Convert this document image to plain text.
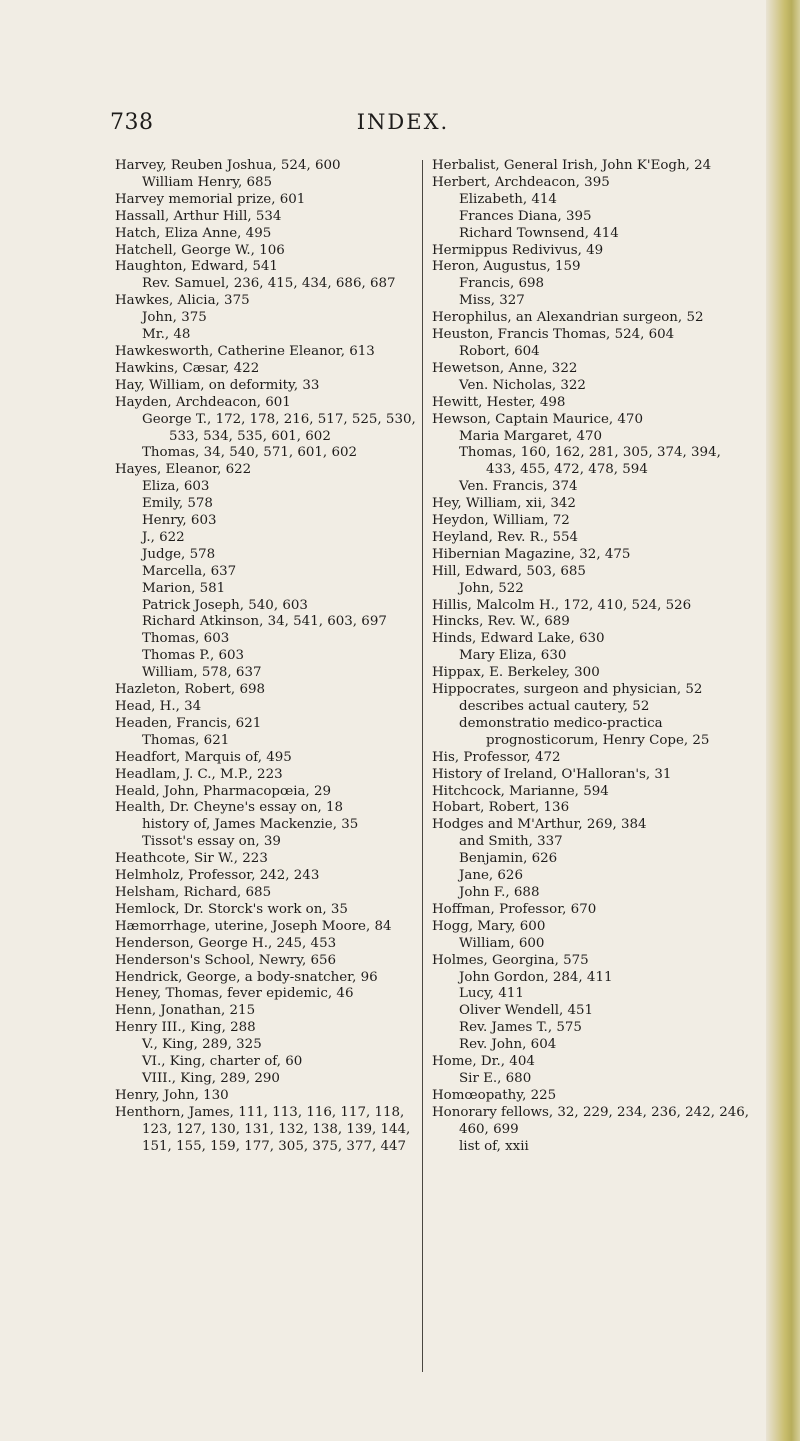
INDEX.
738
Harvey, Reuben Joshua, 524, 600
William Henry, 685
Harvey memorial prize, 601
Hassall, Arthur Hill, 534
Hatch, Eliza Anne, 495
Hatchell, George W., 106
Haughton, Edward, 541
Rev. Samuel, 236, 415, 434, 686, 687
Hawkes, Alicia, 375
John, 375
Mr., 48
Hawkesworth, Catherine Eleanor, 613
Hawkins, Cæsar, 422
Hay, William, on deformity, 33
Hayden, Archdeacon, 601
George T., 172, 178, 216, 517, 525, 530, 533, 534, 535, 601, 602
Thomas, 34, 540, 571, 601, 602
Hayes, Eleanor, 622
Eliza, 603
Emily, 578
Henry, 603
J., 622
Judge, 578
Marcella, 637
Marion, 581
Patrick Joseph, 540, 603
Richard Atkinson, 34, 541, 603, 697
Thomas, 603
Thomas P., 603
William, 578, 637
Hazleton, Robert, 698
Head, H., 34
Headen, Francis, 621
Thomas, 621
Headfort, Marquis of, 495
Headlam, J. C., M.P., 223
Heald, John, Pharmacopœia, 29
Health, Dr. Cheyne's essay on, 18
history of, James Mackenzie, 35
Tissot's essay on, 39
Heathcote, Sir W., 223
Helmholz, Professor, 242, 243
Helsham, Richard, 685
Hemlock, Dr. Storck's work on, 35
Hæmorrhage, uterine, Joseph Moore, 84
Henderson, George H., 245, 453
Henderson's School, Newry, 656
Hendrick, George, a body-snatcher, 96
Heney, Thomas, fever epidemic, 46
Henn, Jonathan, 215
Henry III., King, 288
V., King, 289, 325
VI., King, charter of, 60
VIII., King, 289, 290
Henry, John, 130
Henthorn, James, 111, 113, 116, 117, 118, 123, 127, 130, 131, 132, 138, 139, 144, 151, 155, 159, 177, 305, 375, 377, 447
Herbalist, General Irish, John K'Eogh, 24
Herbert, Archdeacon, 395
Elizabeth, 414
Frances Diana, 395
Richard Townsend, 414
Hermippus Redivivus, 49
Heron, Augustus, 159
Francis, 698
Miss, 327
Herophilus, an Alexandrian surgeon, 52
Heuston, Francis Thomas, 524, 604
Robort, 604
Hewetson, Anne, 322
Ven. Nicholas, 322
Hewitt, Hester, 498
Hewson, Captain Maurice, 470
Maria Margaret, 470
Thomas, 160, 162, 281, 305, 374, 394, 433, 455, 472, 478, 594
Ven. Francis, 374
Hey, William, xii, 342
Heydon, William, 72
Heyland, Rev. R., 554
Hibernian Magazine, 32, 475
Hill, Edward, 503, 685
John, 522
Hillis, Malcolm H., 172, 410, 524, 526
Hincks, Rev. W., 689
Hinds, Edward Lake, 630
Mary Eliza, 630
Hippax, E. Berkeley, 300
Hippocrates, surgeon and physician, 52
describes actual cautery, 52
demonstratio medico-practica prognosticorum, Henry Cope, 25
His, Professor, 472
History of Ireland, O'Halloran's, 31
Hitchcock, Marianne, 594
Hobart, Robert, 136
Hodges and M'Arthur, 269, 384
and Smith, 337
Benjamin, 626
Jane, 626
John F., 688
Hoffman, Professor, 670
Hogg, Mary, 600
William, 600
Holmes, Georgina, 575
John Gordon, 284, 411
Lucy, 411
Oliver Wendell, 451
Rev. James T., 575
Rev. John, 604
Home, Dr., 404
Sir E., 680
Homœopathy, 225
Honorary fellows, 32, 229, 234, 236, 242, 246, 460, 699
list of, xxii
